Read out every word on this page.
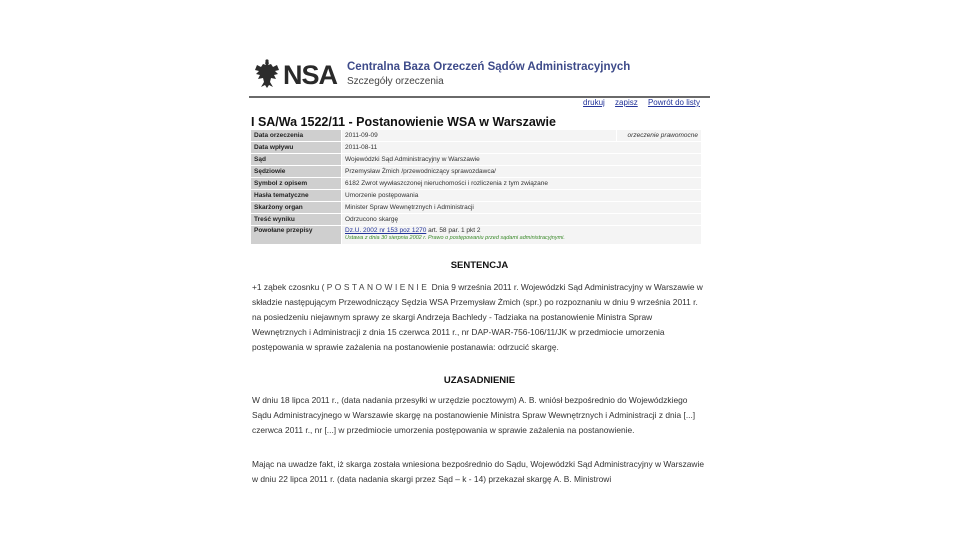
NSA Centralna Baza Orzeczeń Sądów Administracyjnych
Szczegóły orzeczenia
drukuj zapisz Powrót do listy
I SA/Wa 1522/11 - Postanowienie WSA w Warszawie
Data orzeczenia	2011-09-09	orzeczenie prawomocne
Data wpływu	2011-08-11	
Sąd	Wojewódzki Sąd Administracyjny w Warszawie	
Sędziowie	Przemysław Żmich /przewodniczący sprawozdawca/	
Symbol z opisem	6182 Zwrot wywłaszczonej nieruchomości i rozliczenia z tym związane	
Hasła tematyczne	Umorzenie postępowania	
Skarżony organ	Minister Spraw Wewnętrznych i Administracji	
Treść wyniku	Odrzucono skargę	
Powołane przepisy	Dz.U. 2002 nr 153 poz 1270 art. 58 par. 1 pkt 2
Ustawa z dnia 30 sierpnia 2002 r. Prawo o postępowaniu przed sądami administracyjnymi.	
SENTENCJA
+1 ząbek czosnku ( POSTANOWIENIE Dnia 9 września 2011 r. Wojewódzki Sąd Administracyjny w Warszawie w składzie następującym Przewodniczący Sędzia WSA Przemysław Żmich (spr.) po rozpoznaniu w dniu 9 września 2011 r. na posiedzeniu niejawnym sprawy ze skargi Andrzeja Bachledy - Tadziaka na postanowienie Ministra Spraw Wewnętrznych i Administracji z dnia 15 czerwca 2011 r., nr DAP-WAR-756-106/11/JK w przedmiocie umorzenia postępowania w sprawie zażalenia na postanowienie postanawia: odrzucić skargę.
UZASADNIENIE
W dniu 18 lipca 2011 r., (data nadania przesyłki w urzędzie pocztowym) A. B. wniósł bezpośrednio do Wojewódzkiego Sądu Administracyjnego w Warszawie skargę na postanowienie Ministra Spraw Wewnętrznych i Administracji z dnia [...] czerwca 2011 r., nr [...] w przedmiocie umorzenia postępowania w sprawie zażalenia na postanowienie.
Mając na uwadze fakt, iż skarga została wniesiona bezpośrednio do Sądu, Wojewódzki Sąd Administracyjny w Warszawie w dniu 22 lipca 2011 r. (data nadania skargi przez Sąd – k - 14) przekazał skargę A. B. Ministrowi
